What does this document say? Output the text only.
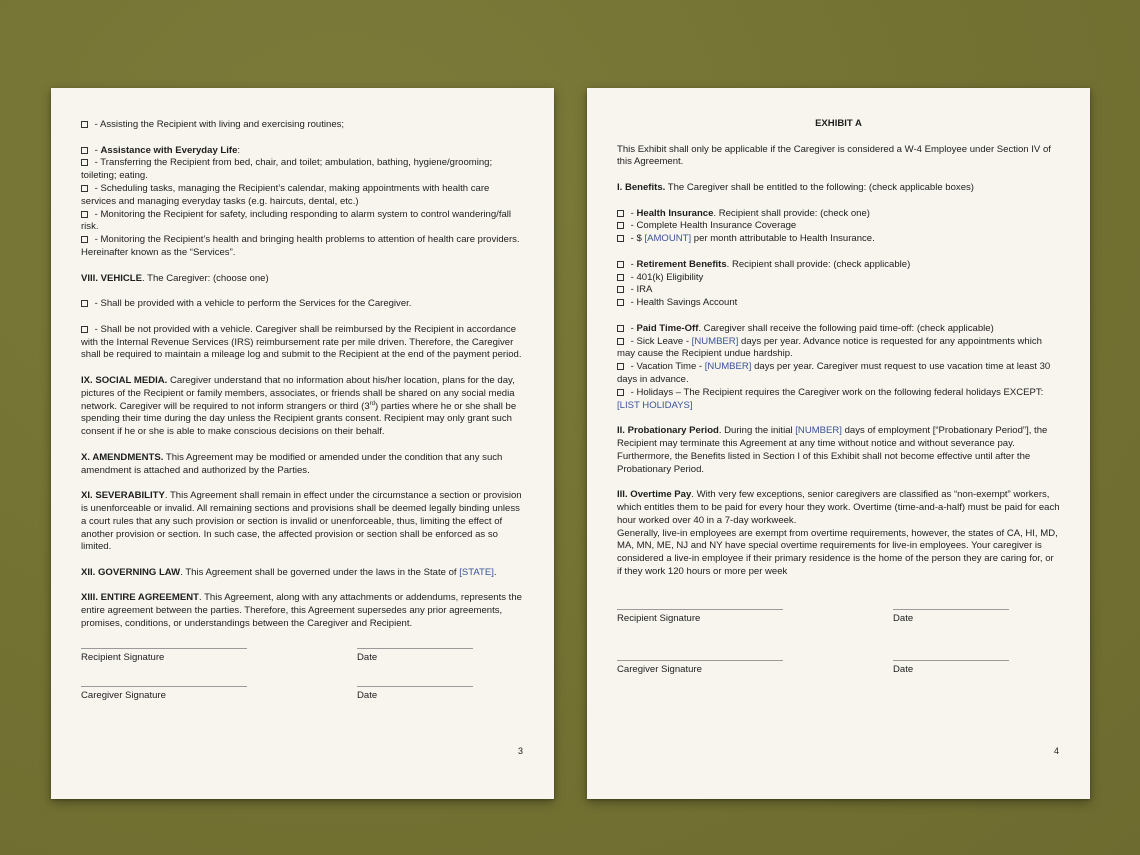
- Assisting the Recipient with living and exercising routines;

- Assistance with Everyday Life:

- Transferring the Recipient from bed, chair, and toilet; ambulation, bathing, hygiene/grooming; toileting; eating.

- Scheduling tasks, managing the Recipient’s calendar, making appointments with health care services and managing everyday tasks (e.g. haircuts, dental, etc.)

- Monitoring the Recipient for safety, including responding to alarm system to control wandering/fall risk.

- Monitoring the Recipient’s health and bringing health problems to attention of health care providers.

Hereinafter known as the “Services”.

VIII. VEHICLE. The Caregiver: (choose one)

- Shall be provided with a vehicle to perform the Services for the Caregiver.

- Shall be not provided with a vehicle. Caregiver shall be reimbursed by the Recipient in accordance with the Internal Revenue Services (IRS) reimbursement rate per mile driven. Therefore, the Caregiver shall be required to maintain a mileage log and submit to the Recipient at the end of the payment period.

IX. SOCIAL MEDIA. Caregiver understand that no information about his/her location, plans for the day, pictures of the Recipient or family members, associates, or friends shall be shared on any social media network. Caregiver will be required to not inform strangers or third (3rd) parties where he or she shall be spending their time during the day unless the Recipient grants consent. Recipient may only grant such consent if he or she is able to make conscious decisions on their behalf.

X. AMENDMENTS. This Agreement may be modified or amended under the condition that any such amendment is attached and authorized by the Parties.

XI. SEVERABILITY. This Agreement shall remain in effect under the circumstance a section or provision is unenforceable or invalid. All remaining sections and provisions shall be deemed legally binding unless a court rules that any such provision or section is invalid or unenforceable, thus, limiting the effect of another provision or section. In such case, the affected provision or section shall be enforced as so limited.

XII. GOVERNING LAW. This Agreement shall be governed under the laws in the State of [STATE].

XIII. ENTIRE AGREEMENT. This Agreement, along with any attachments or addendums, represents the entire agreement between the parties. Therefore, this Agreement supersedes any prior agreements, promises, conditions, or understandings between the Caregiver and Recipient.

Recipient Signature	Date
Caregiver Signature	Date
3

EXHIBIT A

This Exhibit shall only be applicable if the Caregiver is considered a W-4 Employee under Section IV of this Agreement.

I. Benefits. The Caregiver shall be entitled to the following: (check applicable boxes)

- Health Insurance. Recipient shall provide: (check one)

- Complete Health Insurance Coverage

- $ [AMOUNT] per month attributable to Health Insurance.

- Retirement Benefits. Recipient shall provide: (check applicable)

- 401(k) Eligibility

- IRA

- Health Savings Account

- Paid Time-Off. Caregiver shall receive the following paid time-off: (check applicable)

- Sick Leave - [NUMBER] days per year. Advance notice is requested for any appointments which may cause the Recipient undue hardship.

- Vacation Time - [NUMBER] days per year. Caregiver must request to use vacation time at least 30 days in advance.

- Holidays – The Recipient requires the Caregiver work on the following federal holidays EXCEPT: [LIST HOLIDAYS]

II. Probationary Period. During the initial [NUMBER] days of employment [“Probationary Period”], the Recipient may terminate this Agreement at any time without notice and without severance pay. Furthermore, the Benefits listed in Section I of this Exhibit shall not become effective until after the Probationary Period.

III. Overtime Pay. With very few exceptions, senior caregivers are classified as “non-exempt” workers, which entitles them to be paid for every hour they work. Overtime (time-and-a-half) must be paid for each hour worked over 40 in a 7-day workweek.

Generally, live-in employees are exempt from overtime requirements, however, the states of CA, HI, MD, MA, MN, ME, NJ and NY have special overtime requirements for live-in employees. Your caregiver is considered a live-in employee if their primary residence is the home of the person they are caring for, or if they work 120 hours or more per week

Recipient Signature	Date
Caregiver Signature	Date
4
